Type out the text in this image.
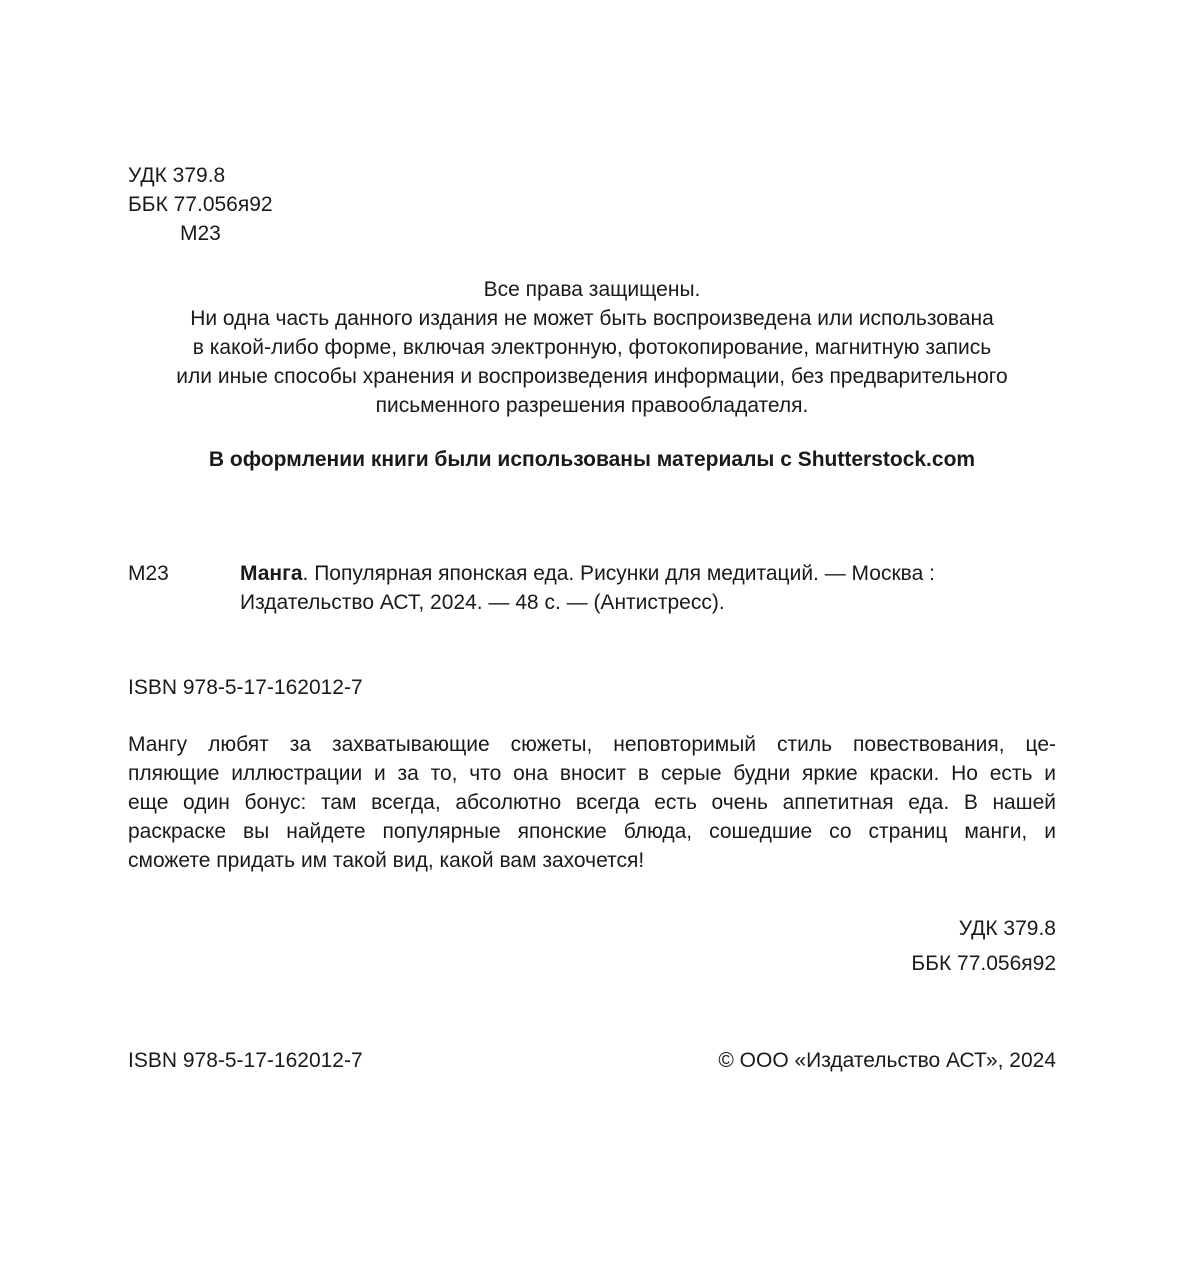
УДК 379.8
ББК 77.056я92
М23
Все права защищены.
Ни одна часть данного издания не может быть воспроизведена или использована
в какой-либо форме, включая электронную, фотокопирование, магнитную запись
или иные способы хранения и воспроизведения информации, без предварительного
письменного разрешения правообладателя.
В оформлении книги были использованы материалы с Shutterstock.com
М23	Манга. Популярная японская еда. Рисунки для медитаций. — Москва :
Издательство АСТ, 2024. — 48 с. — (Антистресс).
ISBN 978-5-17-162012-7
Мангу любят за захватывающие сюжеты, неповторимый стиль повествования, це-
пляющие иллюстрации и за то, что она вносит в серые будни яркие краски. Но есть и
еще один бонус: там всегда, абсолютно всегда есть очень аппетитная еда. В нашей
раскраске вы найдете популярные японские блюда, сошедшие со страниц манги, и
сможете придать им такой вид, какой вам захочется!
УДК 379.8
ББК 77.056я92
ISBN 978-5-17-162012-7	© ООО «Издательство АСТ», 2024
